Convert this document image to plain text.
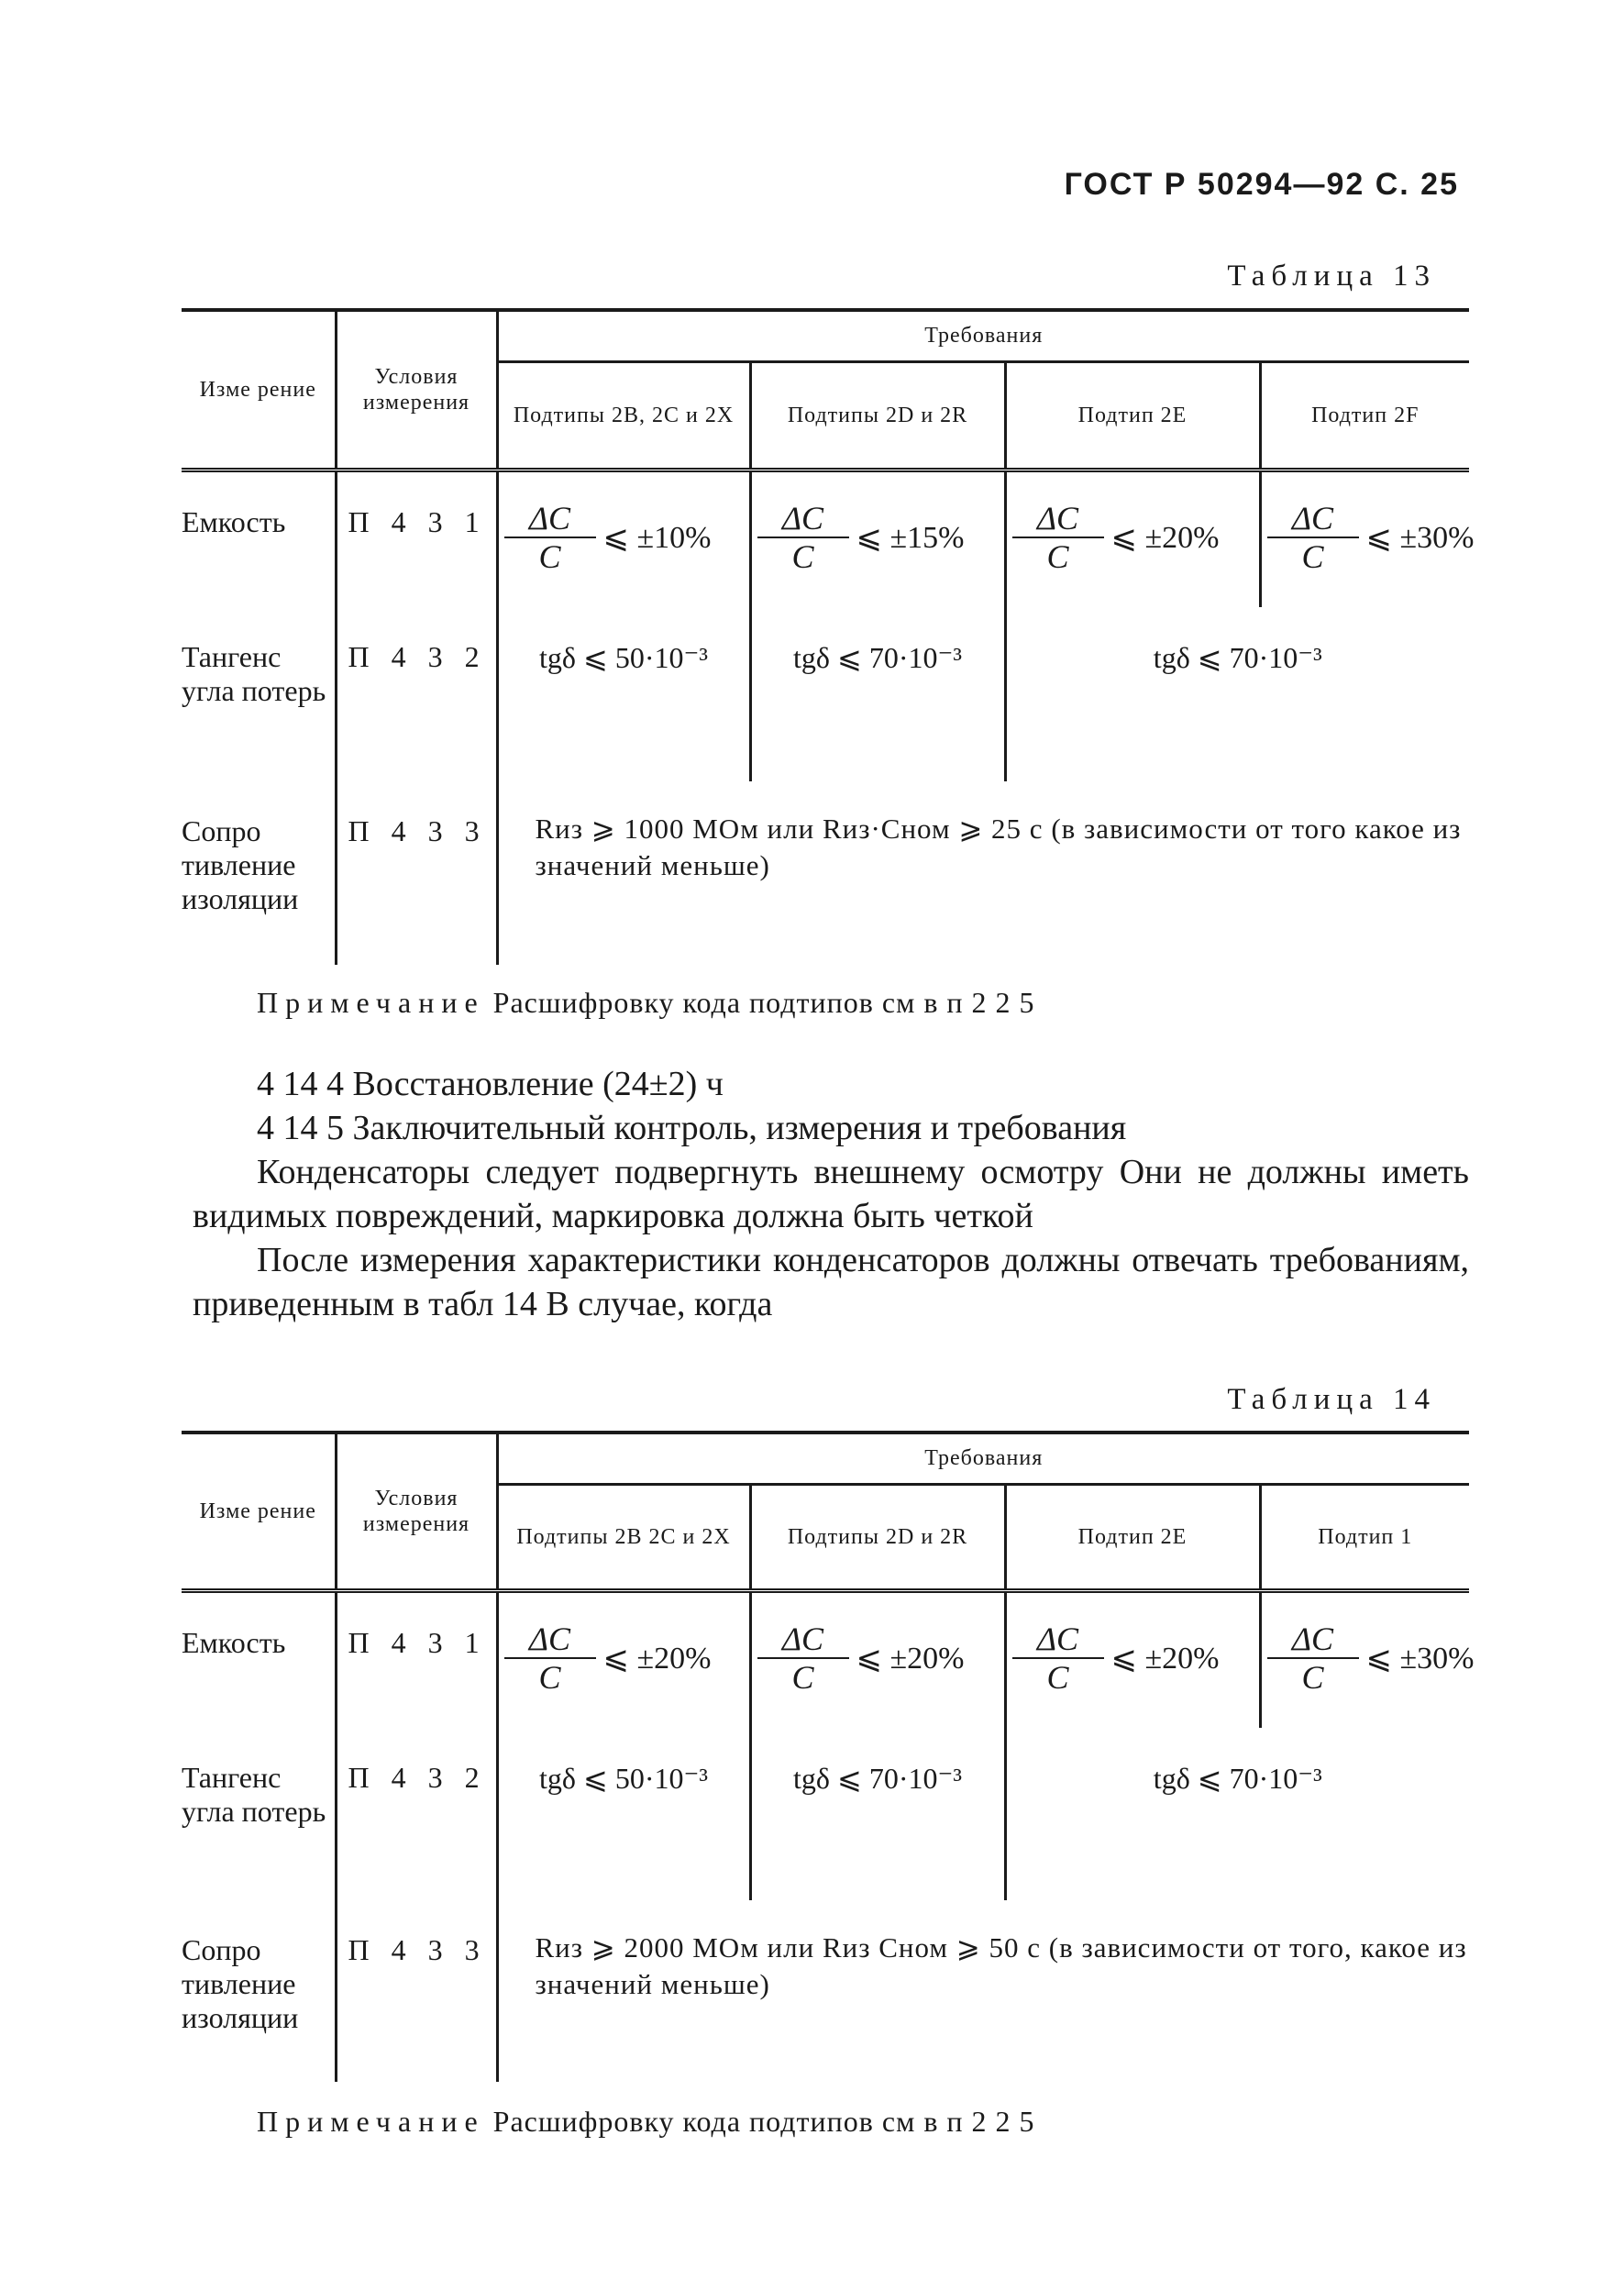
ГОСТ Р 50294—92 С. 25
Таблица 13
Изме рение	Условия измерения	Требования			
		Подтипы 2В, 2С и 2Х	Подтипы 2D и 2R	Подтип 2Е	Подтип 2F
Емкость	П 4 3 1	$\frac{\Delta C}{C}$ ⩽ ±10%	$\frac{\Delta C}{C}$ ⩽ ±15%	$\frac{\Delta C}{C}$ ⩽ ±20%	$\frac{\Delta C}{C}$ ⩽ ±30%

Тангенс угла потерь	П 4 3 2	tgδ ⩽ 50·10⁻³	tgδ ⩽ 70·10⁻³	tgδ ⩽ 70·10⁻³	
Сопро тивление изоляции	П 4 3 3	Rиз ⩾ 1000 МОм или Rиз·Cном ⩾ 25 с (в зависимости от того какое из значений меньше)			
Примечание Расшифровку кода подтипов см в п 2 2 5

4 14 4 Восстановление (24±2) ч

4 14 5 Заключительный контроль, измерения и требования

Конденсаторы следует подвергнуть внешнему осмотру Они не должны иметь видимых повреждений, маркировка должна быть четкой

После измерения характеристики конденсаторов должны отвечать требованиям, приведенным в табл 14 В случае, когда

Таблица 14
Изме рение	Условия измерения	Требования			
		Подтипы 2В 2С и 2Х	Подтипы 2D и 2R	Подтип 2Е	Подтип 1
Емкость	П 4 3 1	$\frac{\Delta C}{C}$ ⩽ ±20%	$\frac{\Delta C}{C}$ ⩽ ±20%	$\frac{\Delta C}{C}$ ⩽ ±20%	$\frac{\Delta C}{C}$ ⩽ ±30%

Тангенс угла потерь	П 4 3 2	tgδ ⩽ 50·10⁻³	tgδ ⩽ 70·10⁻³	tgδ ⩽ 70·10⁻³	
Сопро тивление изоляции	П 4 3 3	Rиз ⩾ 2000 МОм или Rиз Cном ⩾ 50 с (в зависимости от того, какое из значений меньше)			
Примечание Расшифровку кода подтипов см в п 2 2 5
